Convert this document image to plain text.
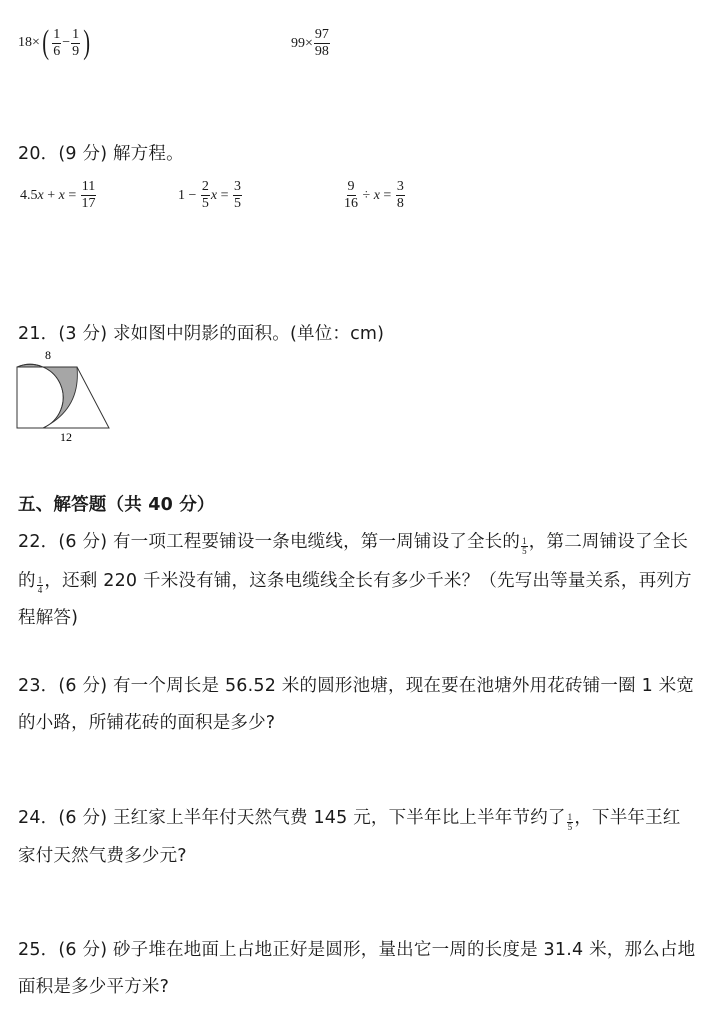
18 × ( $\frac{1}{6} - \frac{1}{9}$ )	$99 \times \frac{97}{98}$
20．(9 分) 解方程。
4.5 $x + x = \frac{11}{17}$	$1 - \frac{2}{5}$ $x = \frac{3}{5}$	$\frac{9}{16} \div x = \frac{3}{8}$
21．(3 分) 求如图中阴影的面积。(单位：cm)
8
12
五、解答题（共 40 分）
22．(6 分) 有一项工程要铺设一条电缆线，第一周铺设了全长的 $\frac{1}{5}$ ，第二周铺设了全长
的 $\frac{1}{4}$ ，还剩 220 千米没有铺，这条电缆线全长有多少千米？（先写出等量关系，再列方
程解答)
23．(6 分) 有一个周长是 56.52 米的圆形池塘，现在要在池塘外用花砖铺一圈 1 米宽
的小路，所铺花砖的面积是多少?
24．(6 分) 王红家上半年付天然气费 145 元，下半年比上半年节约了 $\frac{1}{5}$ ，下半年王红
家付天然气费多少元?
25．(6 分) 砂子堆在地面上占地正好是圆形，量出它一周的长度是 31.4 米，那么占地
面积是多少平方米?
